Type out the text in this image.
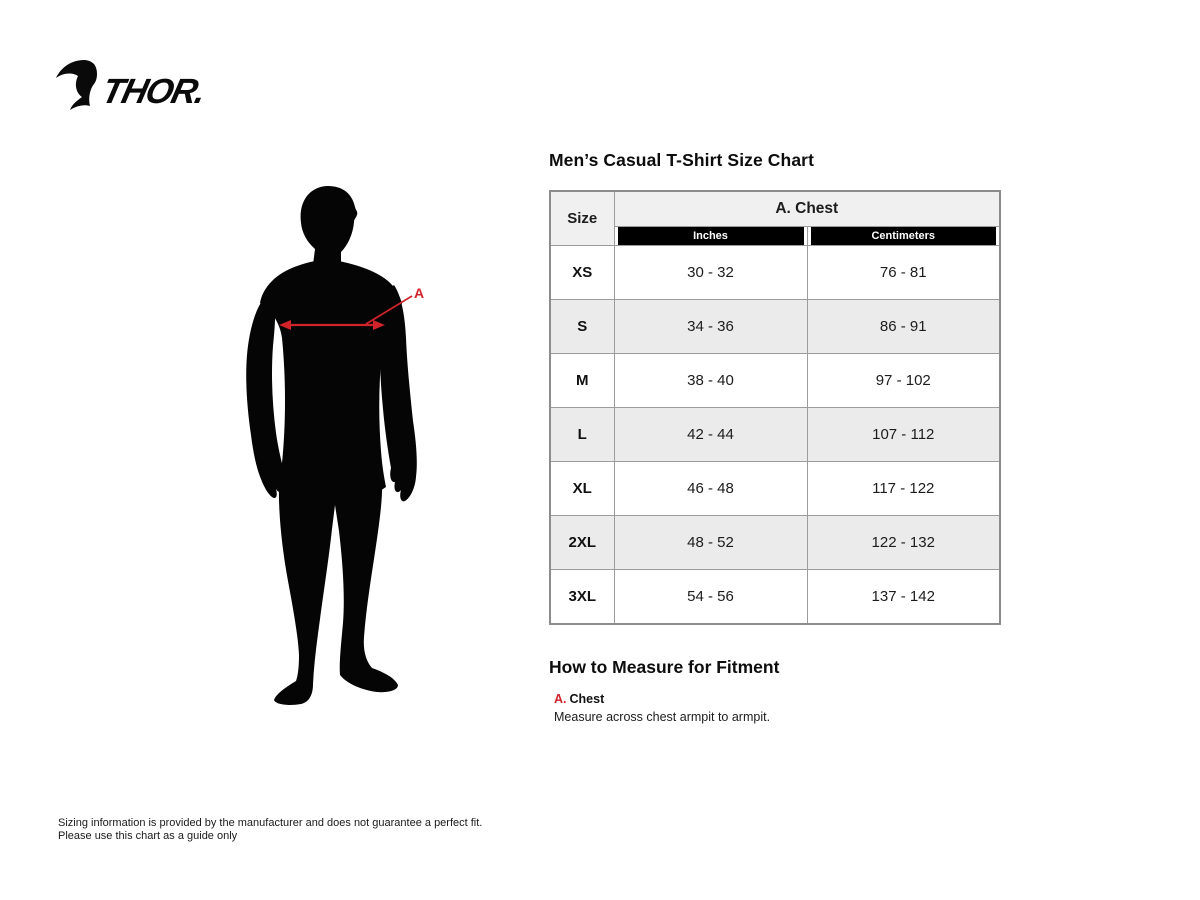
THOR.
A
Men’s Casual T-Shirt Size Chart
Size	A. Chest	

	Inches	Centimeters

XS	30 - 32	76 - 81
S	34 - 36	86 - 91
M	38 - 40	97 - 102
L	42 - 44	107 - 112
XL	46 - 48	117 - 122
2XL	48 - 52	122 - 132
3XL	54 - 56	137 - 142
How to Measure for Fitment
A. Chest
Measure across chest armpit to armpit.
Sizing information is provided by the manufacturer and does not guarantee a perfect fit.
Please use this chart as a guide only
